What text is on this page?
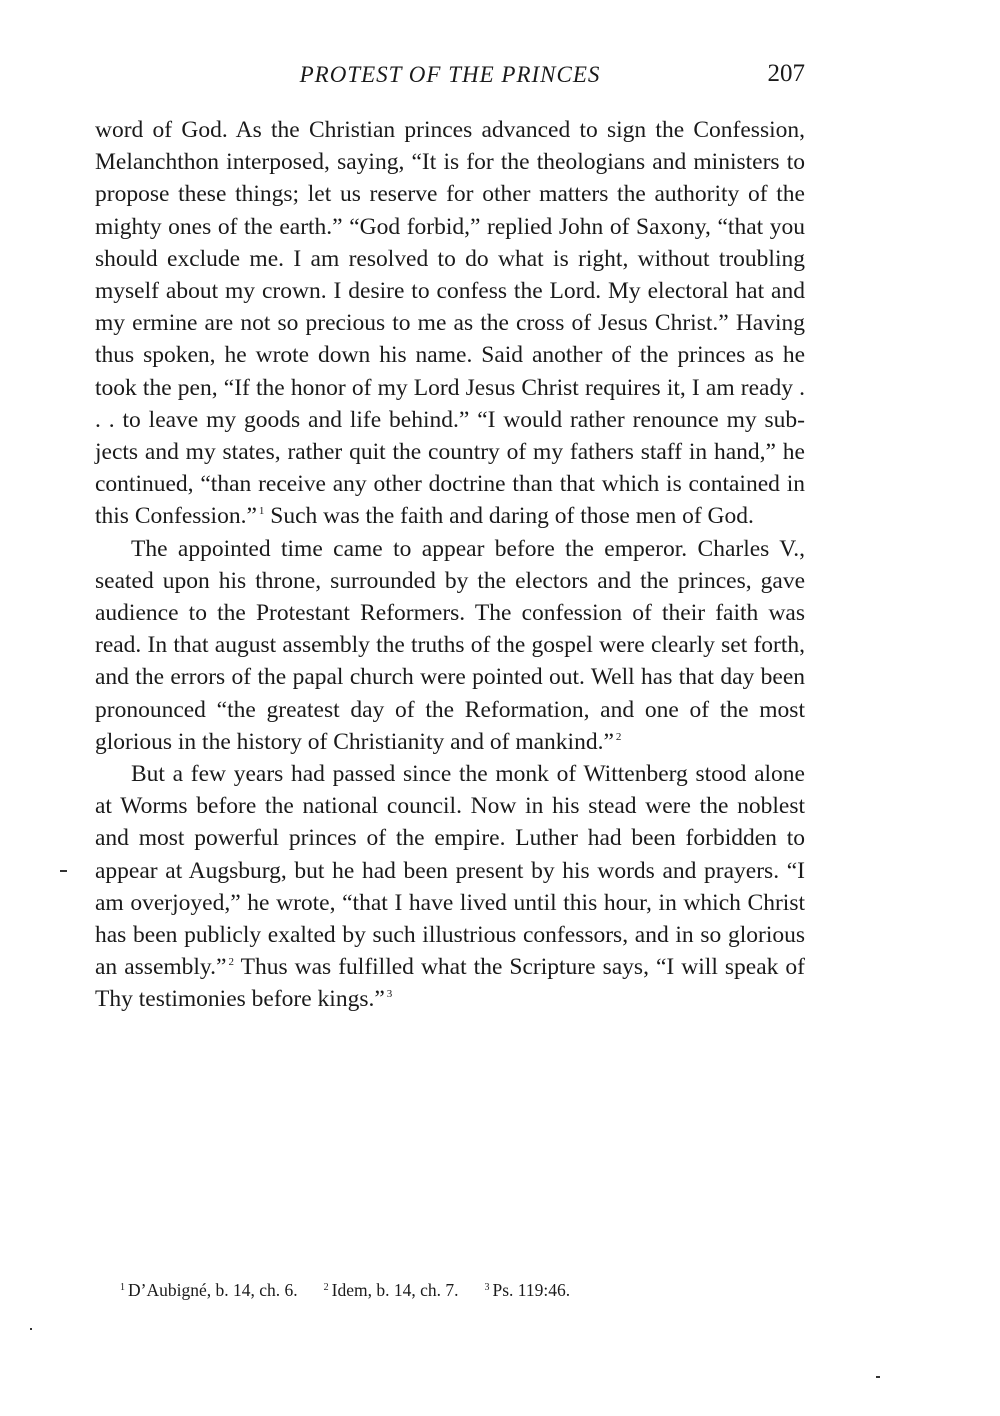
PROTEST OF THE PRINCES	207

word of God. As the Christian princes advanced to sign the Confession, Melanchthon interposed, saying, “It is for the theologians and ministers to propose these things; let us reserve for other matters the authority of the mighty ones of the earth.” “God forbid,” replied John of Saxony, “that you should exclude me. I am resolved to do what is right, without troubling myself about my crown. I desire to confess the Lord. My electoral hat and my ermine are not so precious to me as the cross of Jesus Christ.” Having thus spoken, he wrote down his name. Said another of the princes as he took the pen, “If the honor of my Lord Jesus Christ requires it, I am ready . . . to leave my goods and life behind.” “I would rather renounce my subjects and my states, rather quit the country of my fathers staff in hand,” he continued, “than receive any other doctrine than that which is contained in this Confession.” $^1$ Such was the faith and daring of those men of God.

The appointed time came to appear before the emperor. Charles V., seated upon his throne, surrounded by the electors and the princes, gave audience to the Protestant Reformers. The confession of their faith was read. In that august assembly the truths of the gospel were clearly set forth, and the errors of the papal church were pointed out. Well has that day been pronounced “the greatest day of the Reformation, and one of the most glorious in the history of Christianity and of mankind.” $^2$

But a few years had passed since the monk of Wittenberg stood alone at Worms before the national council. Now in his stead were the noblest and most powerful princes of the empire. Luther had been forbidden to appear at Augsburg, but he had been present by his words and prayers. “I am overjoyed,” he wrote, “that I have lived until this hour, in which Christ has been publicly exalted by such illustrious confessors, and in so glorious an assembly.” $^2$ Thus was fulfilled what the Scripture says, “I will speak of Thy testimonies before kings.” $^3$

$^1$ D’Aubigné, b. 14, ch. 6.	$^2$ Idem, b. 14, ch. 7.	$^3$ Ps. 119:46.
